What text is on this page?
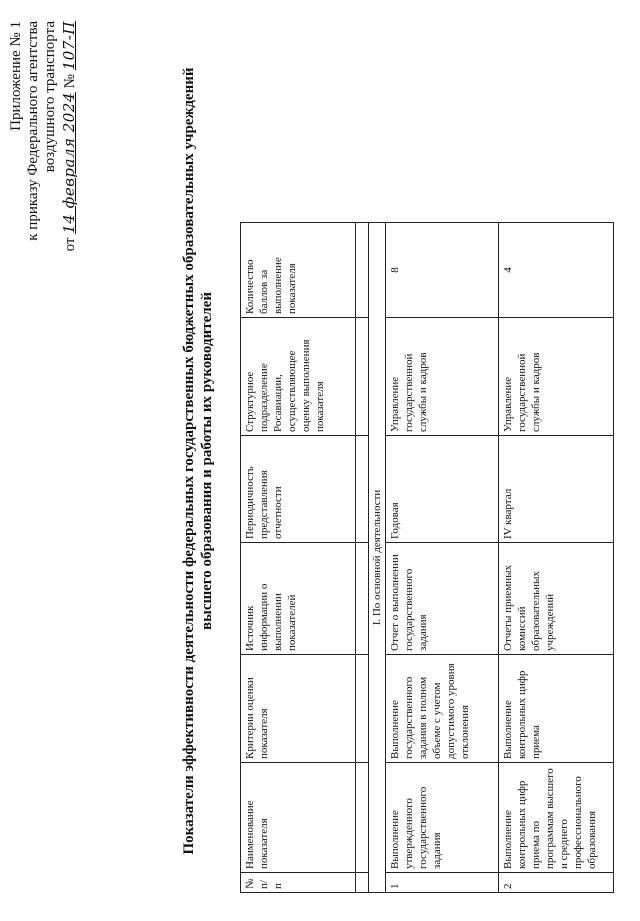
Приложение № 1 к приказу Федерального агентства воздушного транспорта
от 14 февраля 2024 № 107-П
Показатели эффективности деятельности федеральных государственных бюджетных образовательных учреждений высшего образования и работы их руководителей
№ п/п	Наименование показателя	Критерии оценки показателя	Источник информации о выполнении показателей	Периодичность представления отчетности	Структурное подразделение Росавиации, осуществляющее оценку выполнения показателя	Количество баллов за выполнение показателя

I. По основной деятельности						
1	Выполнение утвержденного государственного задания	Выполнение государственного задания в полном объеме с учетом допустимого уровня отклонения	Отчет о выполнении государственного задания	Годовая	Управление государственной службы и кадров	8
2	Выполнение контрольных цифр приема по программам высшего и среднего профессионального образования	Выполнение контрольных цифр приема	Отчеты приемных комиссий образовательных учреждений	IV квартал	Управление государственной службы и кадров	4
